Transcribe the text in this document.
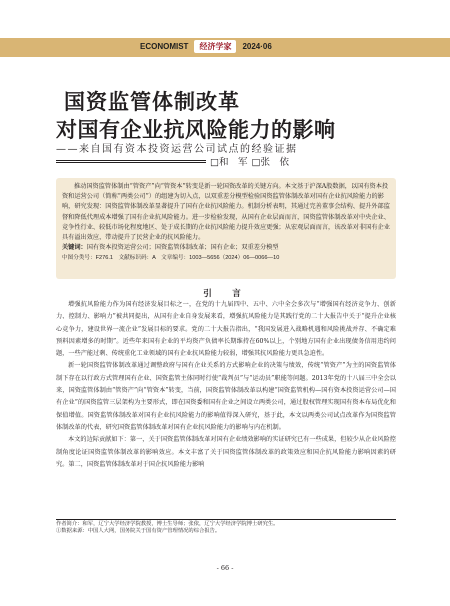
ECONOMIST	经济学家	2024·06
国资监管体制改革
对国有企业抗风险能力的影响
——来自国有资本投资运营公司试点的经验证据
□和　军 □张　依

推动国资监管体制由“管资产”向“管资本”转变是新一轮国资改革的关键方向。本文基于沪深A股数据，以国有资本投资和运营公司（简称“两类公司”）的组建为切入点，以双重差分模型检验国资监管体制改革对国有企业抗风险能力的影响，研究发现：国资监管体制改革显著提升了国有企业抗风险能力。机制分析表明，其通过完善董事会结构、提升外部监督和降低代理成本增强了国有企业抗风险能力。进一步检验发现，从国有企业层面而言，国资监管体制改革对中央企业、竞争性行业、较低市场化程度地区、处于成长期的企业抗风险能力提升效应更强；从宏观层面而言，该改革对非国有企业具有溢出效应，带动提升了民营企业的抗风险能力。

关键词：国有资本投资运营公司；国资监管体制改革；国有企业；双重差分模型
中图分类号：F276.1　文献标识码：A　文章编号：1003—5656（2024）06—0066—10
引　言

增强抗风险能力作为国有经济发展目标之一，在党的十九届四中、五中、六中全会多次与“增强国有经济竞争力、创新力、控制力、影响力”被共同提出，从国有企业自身发展来看，增强抗风险能力是其践行党的二十大报告中关于“提升企业核心竞争力，建设世界一流企业”发展目标的要求。党的二十大报告指出，“我国发展进入战略机遇和风险挑战并存、不确定难预料因素增多的时期”。近些年来国有企业的平均资产负债率长期维持在60%以上，个别地方国有企业出现债务信用违约问题，一些产能过剩、传统重化工业领域的国有企业抗风险能力较弱，增强其抗风险能力更具急迫性。

新一轮国资监管体制改革通过调整政府与国有企业关系的方式影响企业的决策与绩效，传统“管资产”为主的国资监管体制下存在以行政方式管理国有企业、国资监管主体同时行使“裁判员”与“运动员”职能等问题。2013年党的十八届三中全会以来，国资监管体制由“管资产”向“管资本”转变，当前，国资监管体制改革以构建“国资监管机构—国有资本投资运营公司—国有企业”的国资监管三层架构为主要形式，即在国资委和国有企业之间设立两类公司，通过股权管理实现国有资本布局优化和保值增值。国资监管体制改革对国有企业抗风险能力的影响值得深入研究，基于此，本文以两类公司试点改革作为国资监管体制改革的代表，研究国资监管体制改革对国有企业抗风险能力的影响与内在机制。

本文的边际贡献如下：第一，关于国资监管体制改革对国有企业绩效影响的实证研究已有一些成果，但较少从企业风险控制角度论证国资监管体制改革的影响效应。本文丰富了关于国资监管体制改革的政策效应和国企抗风险能力影响因素的研究。第二，国资监管体制改革对于国企抗风险能力影响

作者简介：和军，辽宁大学经济学院教授，博士生导师；张依，辽宁大学经济学院博士研究生。

①数据来源：中国人大网，国务院关于国有资产管理情况的综合报告。

- 66 -
